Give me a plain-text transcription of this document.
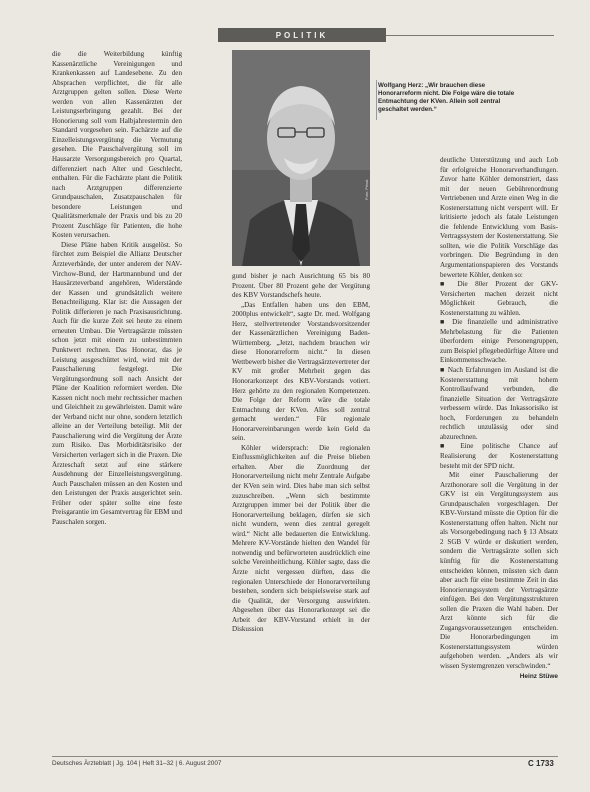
POLITIK

die die Weiterbildung künftig Kassenärztliche Vereinigungen und Krankenkassen auf Landesebene. Zu den Absprachen verpflichtet, die für alle Arztgruppen gelten sollen. Diese Werte werden von allen Kassenärzten der Leistungserbringung gezahlt. Bei der Honorierung soll vom Halbjahrestermin den Standard vorgesehen sein. Fachärzte auf die Einzelleistungsvergütung die Vermutung gesehen. Die Pauschalvergütung soll im Hausarzte Versorgungsbereich pro Quartal, differenziert nach Alter und Geschlecht, enthalten. Für die Fachärzte plant die Politik nach Arztgruppen differenzierte Grundpauschalen, Zusatzpauschalen für besondere Leistungen und Qualitätsmerkmale der Praxis und bis zu 20 Prozent Zuschläge für Patienten, die hohe Kosten verursachen.

Diese Pläne haben Kritik ausgelöst. So fürchtet zum Beispiel die Allianz Deutscher Ärzteverbände, der unter anderem der NAV-Virchow-Bund, der Hartmannbund und der Hausärzteverband angehören, Widerstände der Kassen und grundsätzlich weitere Benachteiligung. Klar ist: die Aussagen der Politik differieren je nach Praxisausrichtung. Auch für die kurze Zeit sei heute zu einem erneuten Umbau. Die Vertragsärzte müssten schon jetzt mit einem zu unbestimmten Punktwert rechnen. Das Honorar, das je Leistung ausgeschüttet wird, wird mit der Pauschalierung festgelegt. Die Vergütungsordnung soll nach Ansicht der Pläne der Koalition reformiert werden. Die Kassen nicht noch mehr rechtssicher machen und Gleichheit zu gewährleisten. Damit wäre der Verband nicht nur ohne, sondern letztlich alleine an der Verteilung beteiligt. Mit der Pauschalierung wird die Vergütung der Ärzte zum Risiko. Das Morbiditätsrisiko der Versicherten verlagert sich in die Praxen. Die Ärzteschaft setzt auf eine stärkere Ausdehnung der Einzelleistungsvergütung. Auch Pauschalen müssen an den Kosten und den Leistungen der Praxis ausgerichtet sein. Früher oder später sollte eine feste Preisgarantie im Gesamtvertrag für EBM und Pauschalen sorgen.

Foto: Privat
Wolfgang Herz: „Wir brauchen diese Honorarreform nicht. Die Folge wäre die totale Entmachtung der KVen. Allein soll zentral geschaltet werden.“

gund bisher je nach Ausrichtung 65 bis 80 Prozent. Über 80 Prozent gehe der Vergütung des KBV Vorstandschefs heute.

„Das Entfallen haben uns den EBM, 2000plus entwickelt“, sagte Dr. med. Wolfgang Herz, stellvertretender Vorstandsvorsitzender der Kassenärztlichen Vereinigung Baden-Württemberg. „Jetzt, nachdem brauchen wir diese Honorarreform nicht.“ In diesen Wettbewerb bisher die Vertragsärztevertreter der KV mit großer Mehrheit gegen das Honorarkonzept des KBV-Vorstands votiert. Herz gehörte zu den regionalen Kompetenzen. Die Folge der Reform wäre die totale Entmachtung der KVen. Alles soll zentral gemacht werden.“ Für regionale Honorarvereinbarungen werde kein Geld da sein.

Köhler widersprach: Die regionalen Einflussmöglichkeiten auf die Preise blieben erhalten. Aber die Zuordnung der Honorarverteilung nicht mehr Zentrale Aufgabe der KVen sein wird. Dies habe man sich selbst zuzuschreiben. „Wenn sich bestimmte Arztgruppen immer bei der Politik über die Honorarverteilung beklagen, dürfen sie sich nicht wundern, wenn dies zentral geregelt wird.“ Nicht alle bedauerten die Entwicklung. Mehrere KV-Vorstände hielten den Wandel für notwendig und befürworteten ausdrücklich eine solche Vereinheitlichung. Köhler sagte, dass die Ärzte nicht vergessen dürften, dass die regionalen Unterschiede der Honorarverteilung bestehen, sondern sich beispielsweise stark auf die Qualität, der Versorgung auswirkten. Abgesehen über das Honorarkonzept sei die Arbeit der KBV-Vorstand erhielt in der Diskussion

deutliche Unterstützung und auch Lob für erfolgreiche Honorarverhandlungen. Zuvor hatte Köhler demonstriert, dass mit der neuen Gebührenordnung Vertriebenen und Arzte einen Weg in die Kostenerstattung nicht versperrt will. Er kritisierte jedoch als fatale Leistungen die fehlende Entwicklung vom Basis-Vertragssystem der Kostenerstattung. Sie sollten, wie die Politik Vorschläge das vorbringen. Die Begründung in den Argumentationspapieren des Vorstands bewertete Köhler, denken so:

■ Die 80er Prozent der GKV-Versicherten machen derzeit nicht Möglichkeit Gebrauch, die Kostenerstattung zu wählen.

■ Die finanzielle und administrative Mehrbelastung für die Patienten überfordern einige Personengruppen, zum Beispiel pflegebedürftige Ältere und Einkommensschwache.

■ Nach Erfahrungen im Ausland ist die Kostenerstattung mit hohem Kontrollaufwand verbunden, die finanzielle Situation der Vertragsärzte verbessern würde. Das Inkassorisiko ist hoch, Forderungen zu behandeln rechtlich unzulässig oder sind abzurechnen.

■ Eine politische Chance auf Realisierung der Kostenerstattung besteht mit der SPD nicht.

Mit einer Pauschalierung der Arzthonorare soll die Vergütung in der GKV ist ein Vergütungssystem aus Grundpauschalen vorgeschlagen. Der KBV-Vorstand müsste die Option für die Kostenerstattung offen halten. Nicht nur als Vorsorgebedingung nach § 13 Absatz 2 SGB V würde er diskutiert werden, sondern die Vertragsärzte sollen sich künftig für die Kostenerstattung entscheiden können, müssten sich dann aber auch für eine bestimmte Zeit in das Honorierungssystem der Vertragsärzte einfügen. Bei den Vergütungsstrukturen sollen die Praxen die Wahl haben. Der Arzt könnte sich für die Zugangsvoraussetzungen entscheiden. Die Honorarbedingungen im Kostenerstattungssystem würden aufgehoben werden. „Anders als wir wissen Systemgrenzen verschwinden.“

Heinz Stüwe
Deutsches Ärzteblatt | Jg. 104 | Heft 31–32 | 6. August 2007	C 1733
